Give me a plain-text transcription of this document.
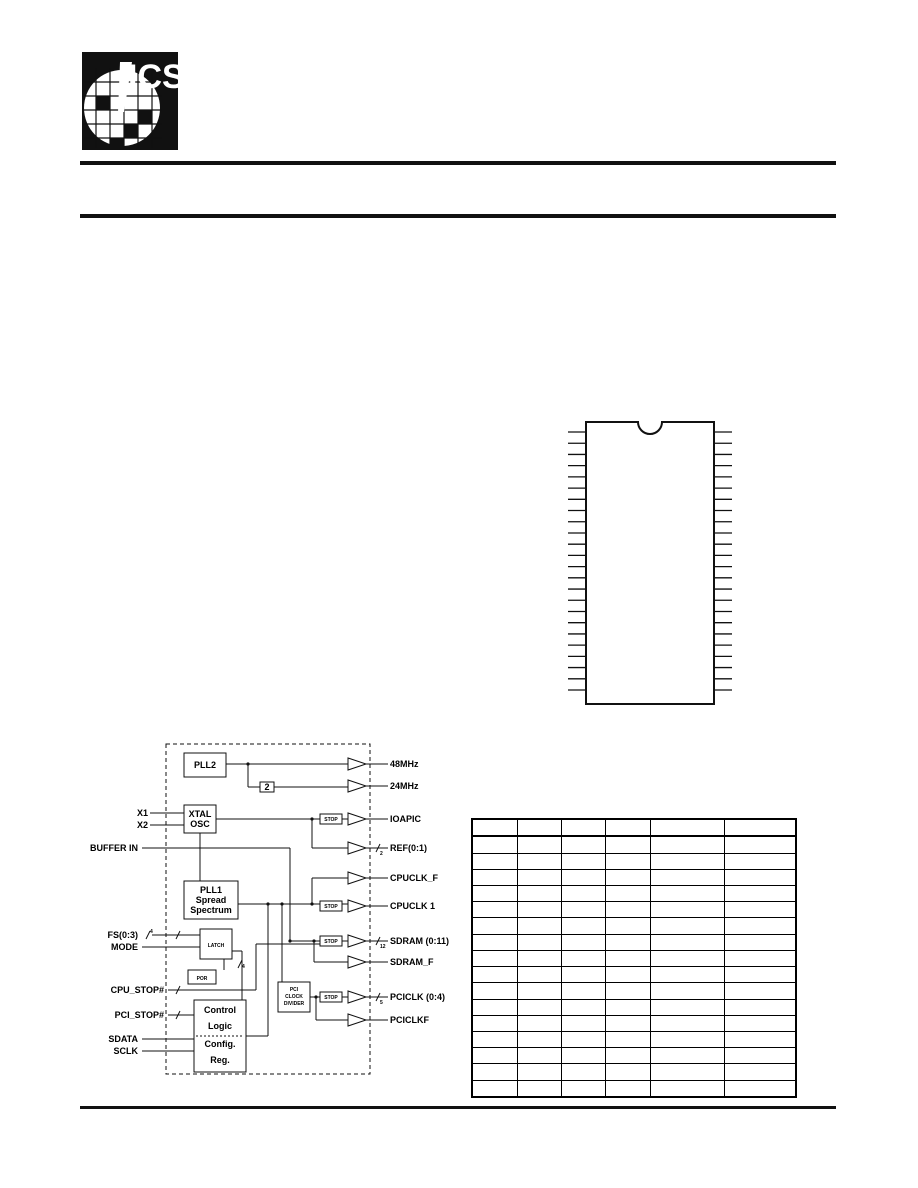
ICS
PLL2
XTAL
OSC
PLL1
Spread
Spectrum
2
LATCH
POR
Control
Logic
Config.
Reg.
PCI
CLOCK
DIVIDER
STOP
STOP
STOP
STOP
X1
X2
BUFFER IN
FS(0:3)
MODE
CPU_STOP#
PCI_STOP#
SDATA
SCLK
48MHz
24MHz
IOAPIC
REF(0:1)
CPUCLK_F
CPUCLK 1
SDRAM (0:11)
SDRAM_F
PCICLK (0:4)
PCICLKF
4
2
12
5
4
